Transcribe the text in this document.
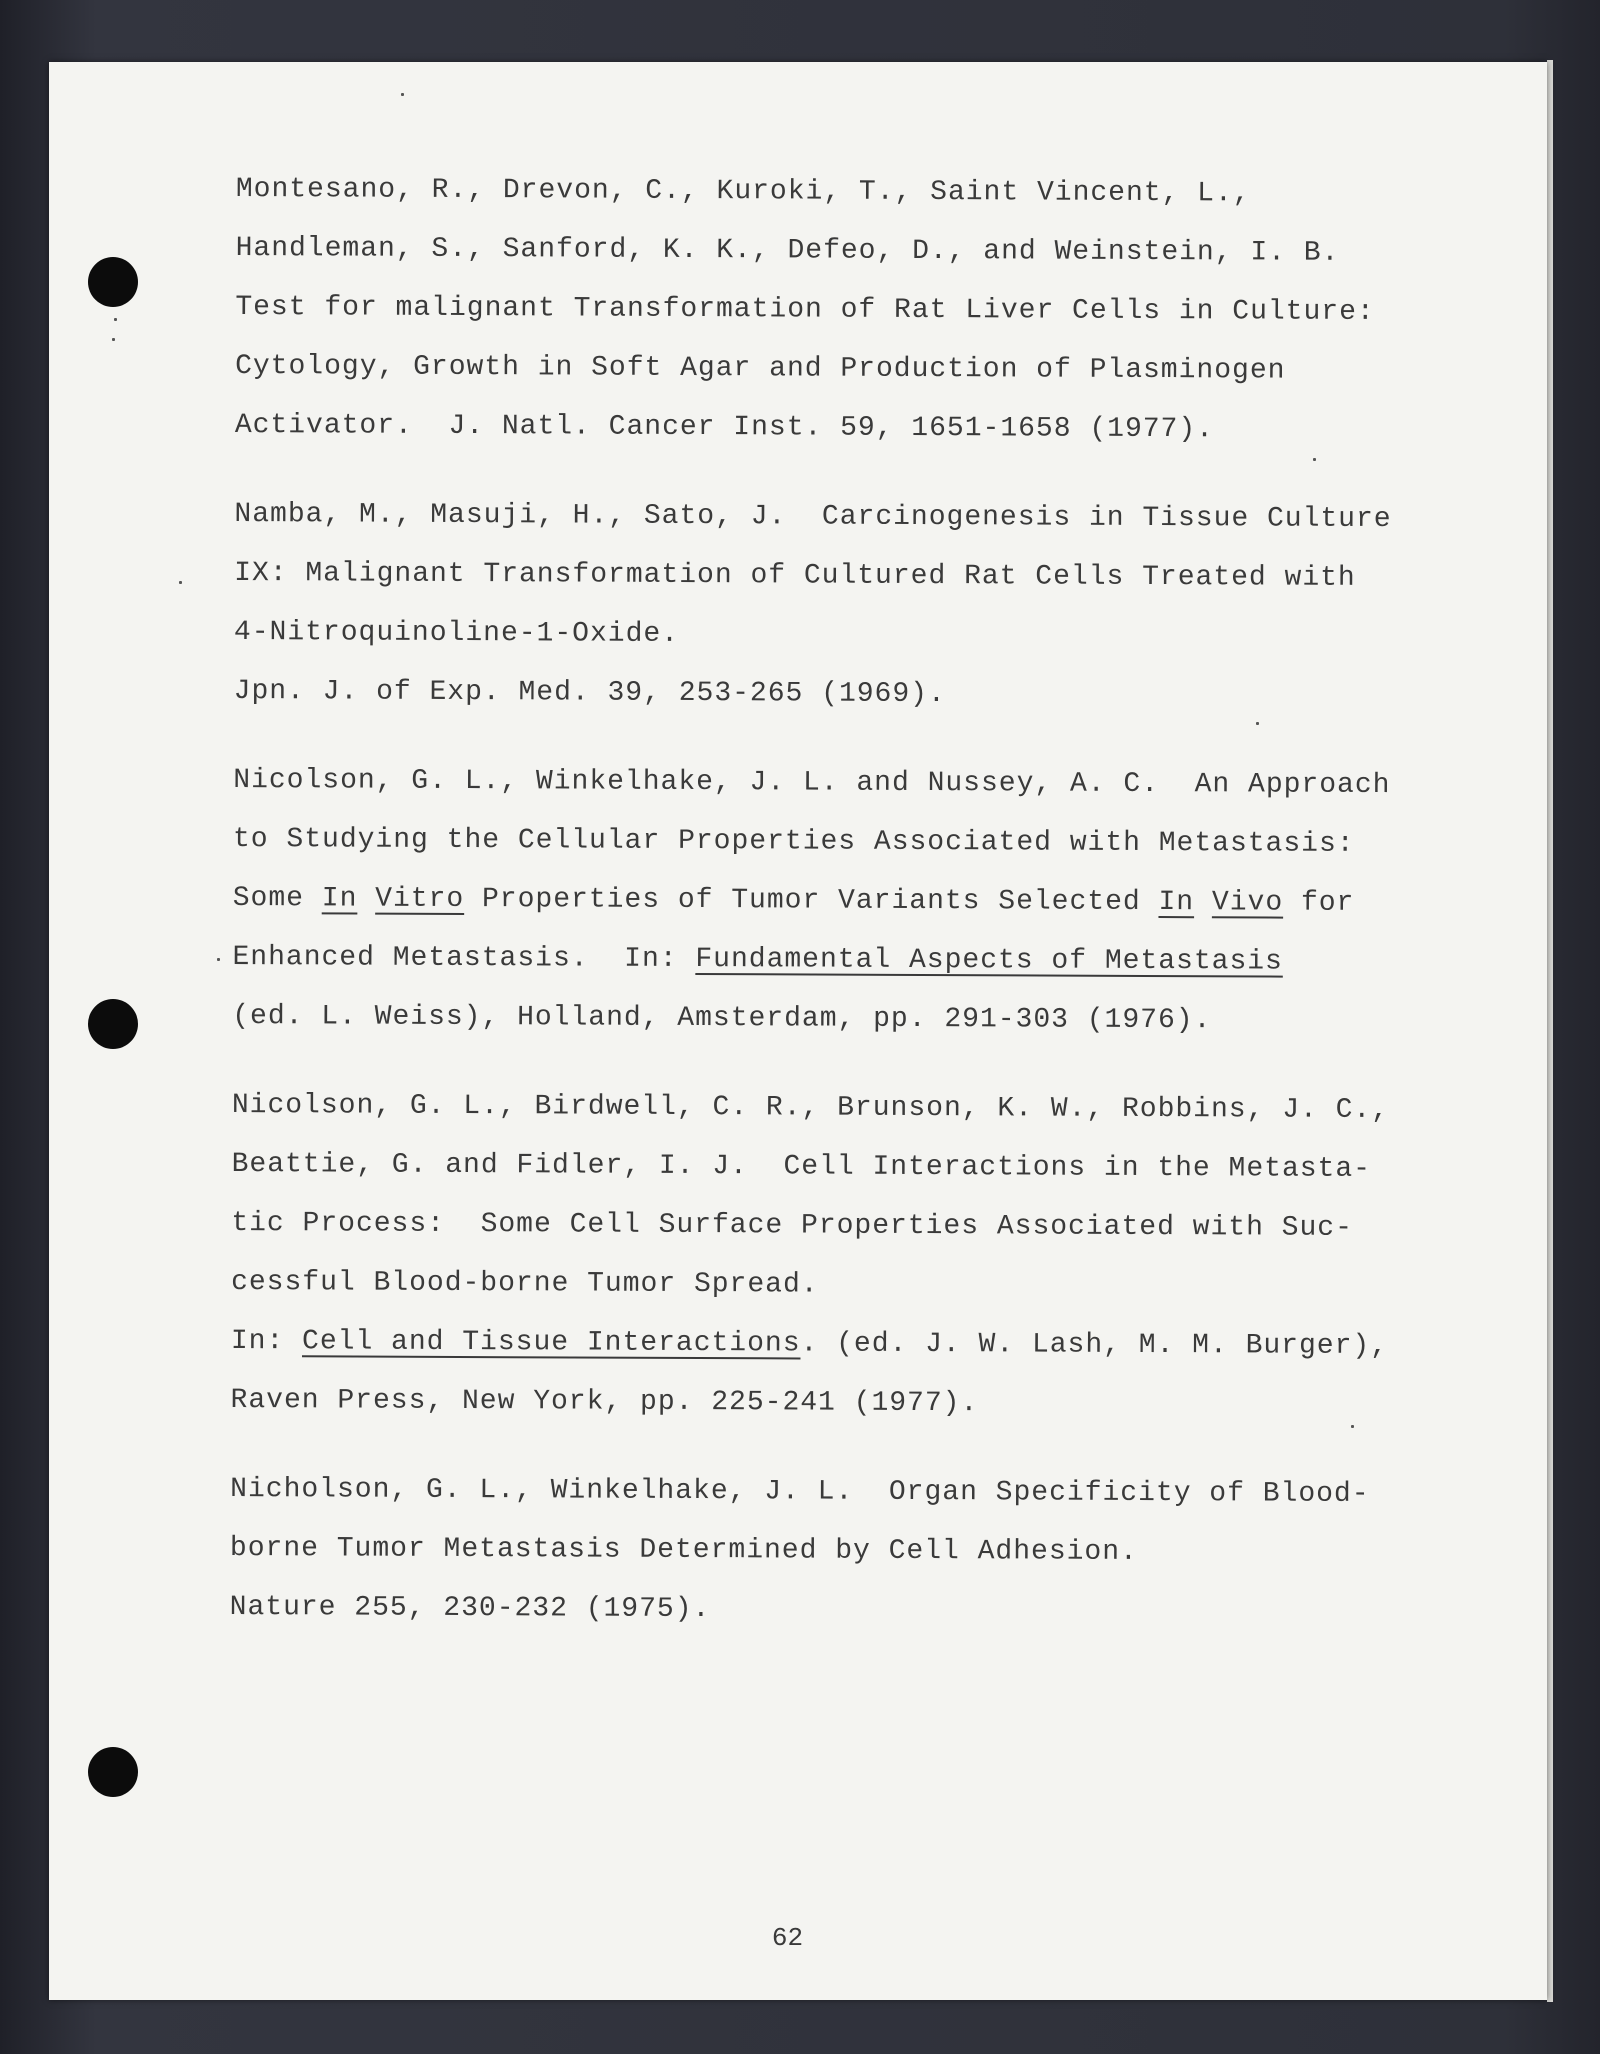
Montesano, R., Drevon, C., Kuroki, T., Saint Vincent, L.,

Handleman, S., Sanford, K. K., Defeo, D., and Weinstein, I. B.

Test for malignant Transformation of Rat Liver Cells in Culture:

Cytology, Growth in Soft Agar and Production of Plasminogen

Activator.  J. Natl. Cancer Inst. 59, 1651-1658 (1977).

Namba, M., Masuji, H., Sato, J.  Carcinogenesis in Tissue Culture

IX: Malignant Transformation of Cultured Rat Cells Treated with

4-Nitroquinoline-1-Oxide.

Jpn. J. of Exp. Med. 39, 253-265 (1969).

Nicolson, G. L., Winkelhake, J. L. and Nussey, A. C.  An Approach

to Studying the Cellular Properties Associated with Metastasis:

Some In Vitro Properties of Tumor Variants Selected In Vivo for

Enhanced Metastasis.  In: Fundamental Aspects of Metastasis

(ed. L. Weiss), Holland, Amsterdam, pp. 291-303 (1976).

Nicolson, G. L., Birdwell, C. R., Brunson, K. W., Robbins, J. C.,

Beattie, G. and Fidler, I. J.  Cell Interactions in the Metasta-

tic Process:  Some Cell Surface Properties Associated with Suc-

cessful Blood-borne Tumor Spread.

In: Cell and Tissue Interactions. (ed. J. W. Lash, M. M. Burger),

Raven Press, New York, pp. 225-241 (1977).

Nicholson, G. L., Winkelhake, J. L.  Organ Specificity of Blood-

borne Tumor Metastasis Determined by Cell Adhesion.

Nature 255, 230-232 (1975).

62
